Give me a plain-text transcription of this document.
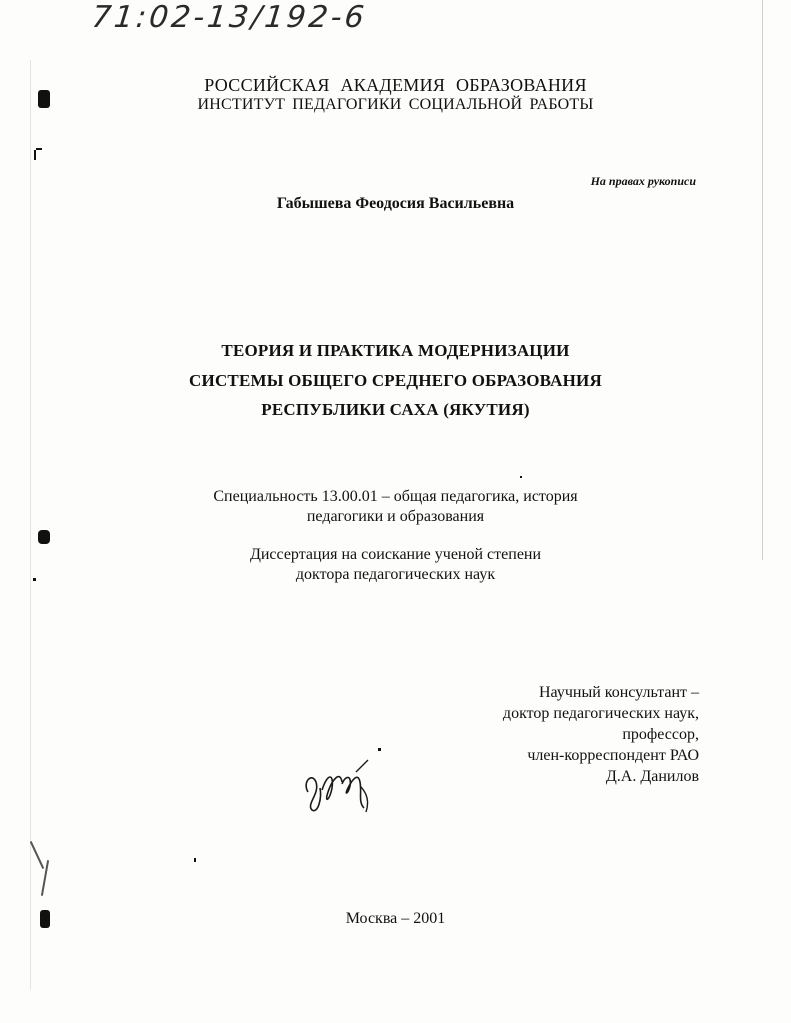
71:02-13/192-6
РОССИЙСКАЯ АКАДЕМИЯ ОБРАЗОВАНИЯ
ИНСТИТУТ ПЕДАГОГИКИ СОЦИАЛЬНОЙ РАБОТЫ
На правах рукописи
Габышева Феодосия Васильевна
ТЕОРИЯ И ПРАКТИКА МОДЕРНИЗАЦИИ
СИСТЕМЫ ОБЩЕГО СРЕДНЕГО ОБРАЗОВАНИЯ
РЕСПУБЛИКИ САХА (ЯКУТИЯ)
Специальность 13.00.01 – общая педагогика, история
педагогики и образования
Диссертация на соискание ученой степени
доктора педагогических наук
Научный консультант –
доктор педагогических наук,
профессор,
член-корреспондент РАО
Д.А. Данилов
Москва – 2001
